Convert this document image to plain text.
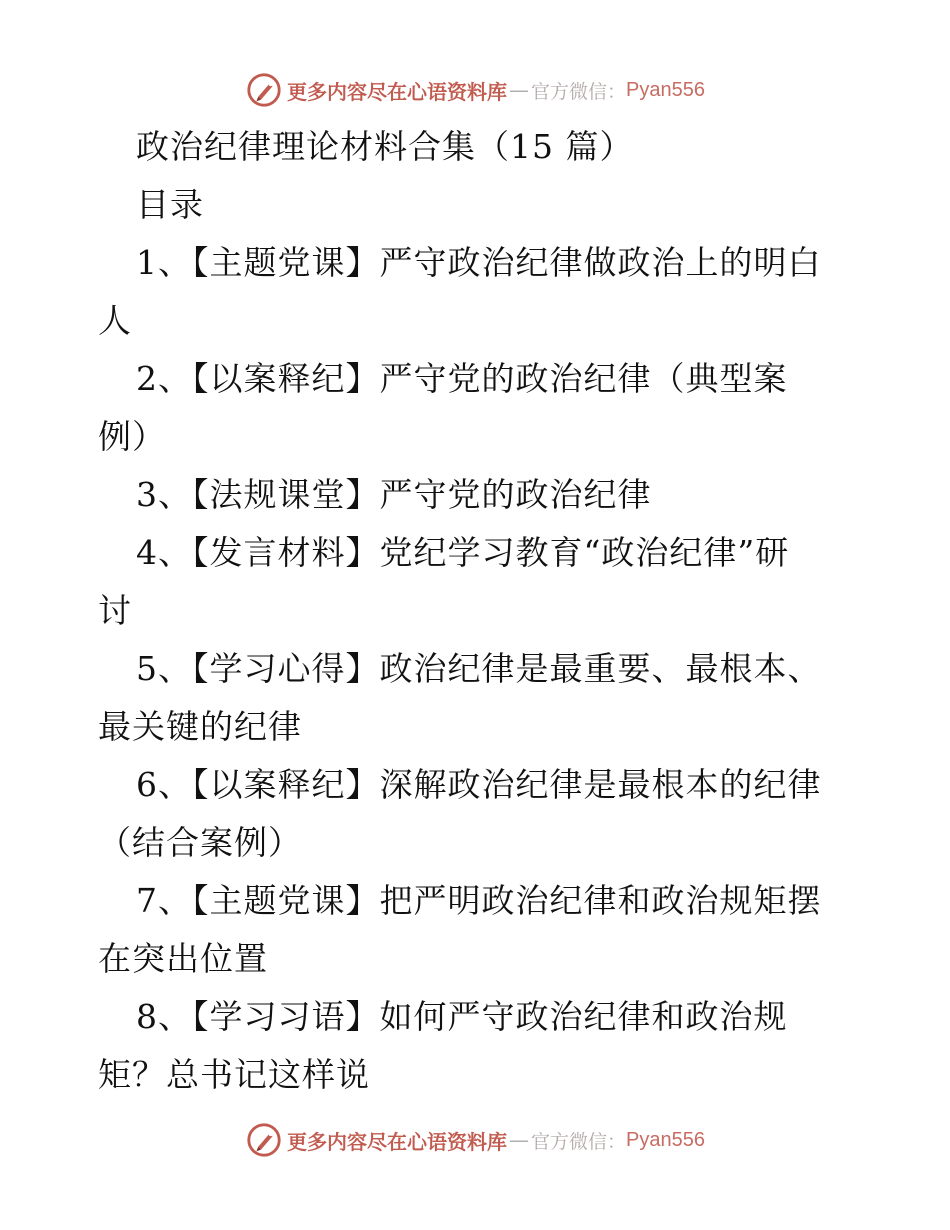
更多内容尽在心语资料库 — 官方微信： Pyan556
政治纪律理论材料合集（15 篇）
目录
1、【主题党课】严守政治纪律做政治上的明白
人
2、【以案释纪】严守党的政治纪律（典型案
例）
3、【法规课堂】严守党的政治纪律
4、【发言材料】党纪学习教育“政治纪律”研
讨
5、【学习心得】政治纪律是最重要、最根本、
最关键的纪律
6、【以案释纪】深解政治纪律是最根本的纪律
（结合案例）
7、【主题党课】把严明政治纪律和政治规矩摆
在突出位置
8、【学习习语】如何严守政治纪律和政治规
矩？总书记这样说
更多内容尽在心语资料库 — 官方微信： Pyan556
